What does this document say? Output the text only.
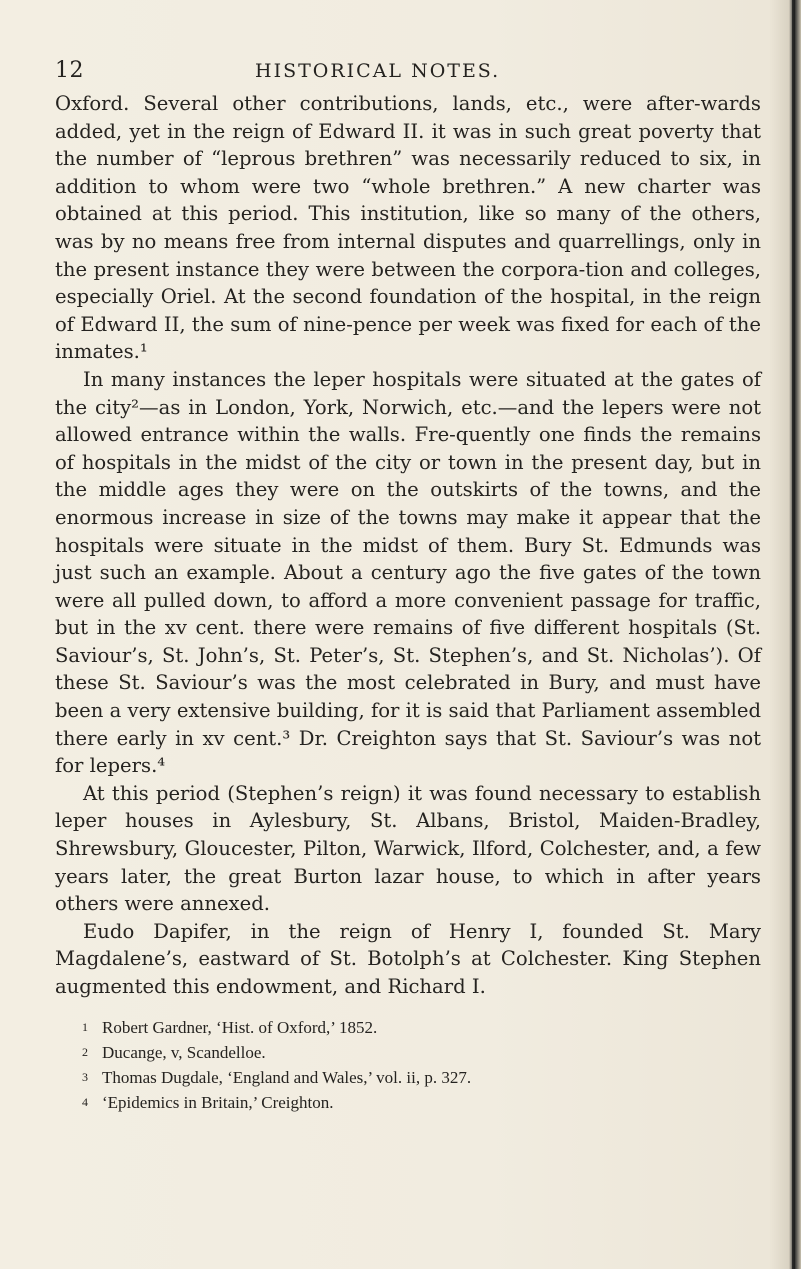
12	HISTORICAL NOTES.

Oxford. Several other contributions, lands, etc., were after-wards added, yet in the reign of Edward II. it was in such great poverty that the number of “leprous brethren” was necessarily reduced to six, in addition to whom were two “whole brethren.” A new charter was obtained at this period. This institution, like so many of the others, was by no means free from internal disputes and quarrellings, only in the present instance they were between the corpora-tion and colleges, especially Oriel. At the second foundation of the hospital, in the reign of Edward II, the sum of nine-pence per week was fixed for each of the inmates.¹

In many instances the leper hospitals were situated at the gates of the city²—as in London, York, Norwich, etc.—and the lepers were not allowed entrance within the walls. Fre-quently one finds the remains of hospitals in the midst of the city or town in the present day, but in the middle ages they were on the outskirts of the towns, and the enormous increase in size of the towns may make it appear that the hospitals were situate in the midst of them. Bury St. Edmunds was just such an example. About a century ago the five gates of the town were all pulled down, to afford a more convenient passage for traffic, but in the xv cent. there were remains of five different hospitals (St. Saviour’s, St. John’s, St. Peter’s, St. Stephen’s, and St. Nicholas’). Of these St. Saviour’s was the most celebrated in Bury, and must have been a very extensive building, for it is said that Parliament assembled there early in xv cent.³ Dr. Creighton says that St. Saviour’s was not for lepers.⁴

At this period (Stephen’s reign) it was found necessary to establish leper houses in Aylesbury, St. Albans, Bristol, Maiden-Bradley, Shrewsbury, Gloucester, Pilton, Warwick, Ilford, Colchester, and, a few years later, the great Burton lazar house, to which in after years others were annexed.

Eudo Dapifer, in the reign of Henry I, founded St. Mary Magdalene’s, eastward of St. Botolph’s at Colchester. King Stephen augmented this endowment, and Richard I.

1 Robert Gardner, ‘Hist. of Oxford,’ 1852.

2 Ducange, v, Scandelloe.

3 Thomas Dugdale, ‘England and Wales,’ vol. ii, p. 327.

4 ‘Epidemics in Britain,’ Creighton.
